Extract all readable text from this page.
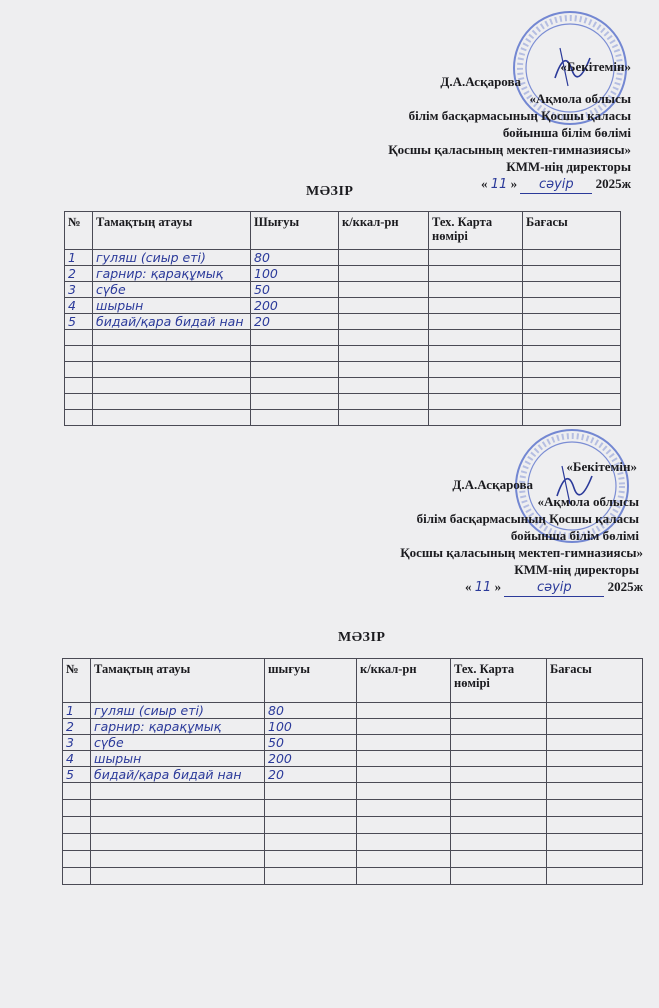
«Бекітемін»
Д.А.Асқарова
«Ақмола облысы
білім басқармасының Қосшы қаласы
бойынша білім бөлімі
Қосшы қаласының мектеп-гимназиясы»
КММ-нің директоры
« 11 » сәуір 2025ж
МӘЗІР
№	Тамақтың атауы	Шығуы	к/ккал-рн	Тех. Карта нөмірі	Бағасы
1	гуляш (сиыр еті)	80			
2	гарнир: қарақұмық	100			
3	сүбе	50			
4	шырын	200			
5	бидай/қара бидай нан	20			

«Бекітемін»
Д.А.Асқарова
«Ақмола облысы
білім басқармасының Қосшы қаласы
бойынша білім бөлімі
Қосшы қаласының мектеп-гимназиясы»
КММ-нің директоры
« 11 »	сәуір	2025ж
МӘЗІР
№	Тамақтың атауы	шығуы	к/ккал-рн	Тех. Карта нөмірі	Бағасы
1	гуляш (сиыр еті)	80			
2	гарнир: қарақұмық	100			
3	сүбе	50			
4	шырын	200			
5	бидай/қара бидай нан	20			
